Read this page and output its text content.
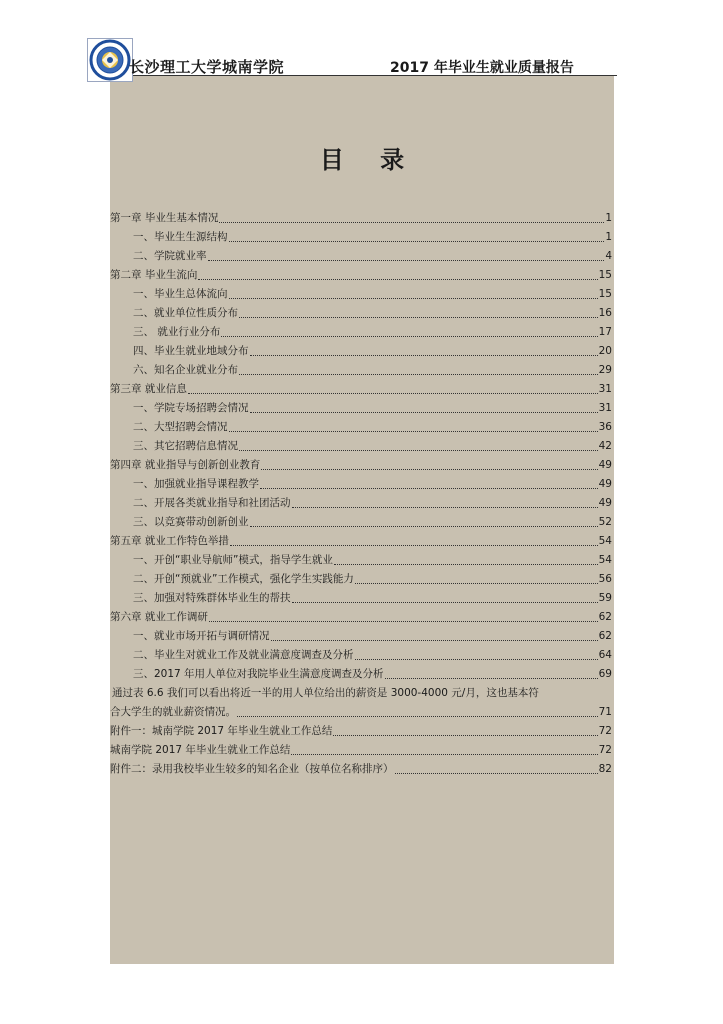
长沙理工大学城南学院	2017 年毕业生就业质量报告
目 录
第一章 毕业生基本情况	1
一、毕业生生源结构	1
二、学院就业率	4
第二章 毕业生流向	15
一、毕业生总体流向	15
二、就业单位性质分布	16
三、 就业行业分布	17
四、毕业生就业地域分布	20
六、知名企业就业分布	29
第三章 就业信息	31
一、学院专场招聘会情况	31
二、大型招聘会情况	36
三、其它招聘信息情况	42
第四章 就业指导与创新创业教育	49
一、加强就业指导课程教学	49
二、开展各类就业指导和社团活动	49
三、以竞赛带动创新创业	52
第五章 就业工作特色举措	54
一、开创“职业导航师”模式，指导学生就业	54
二、开创“预就业”工作模式，强化学生实践能力	56
三、加强对特殊群体毕业生的帮扶	59
第六章 就业工作调研	62
一、就业市场开拓与调研情况	62
二、毕业生对就业工作及就业满意度调查及分析	64
三、2017 年用人单位对我院毕业生满意度调查及分析	69
通过表 6.6 我们可以看出将近一半的用人单位给出的薪资是 3000-4000 元/月，这也基本符
合大学生的就业薪资情况。	71
附件一：城南学院 2017 年毕业生就业工作总结	72
城南学院 2017 年毕业生就业工作总结	72
附件二：录用我校毕业生较多的知名企业（按单位名称排序）	82
